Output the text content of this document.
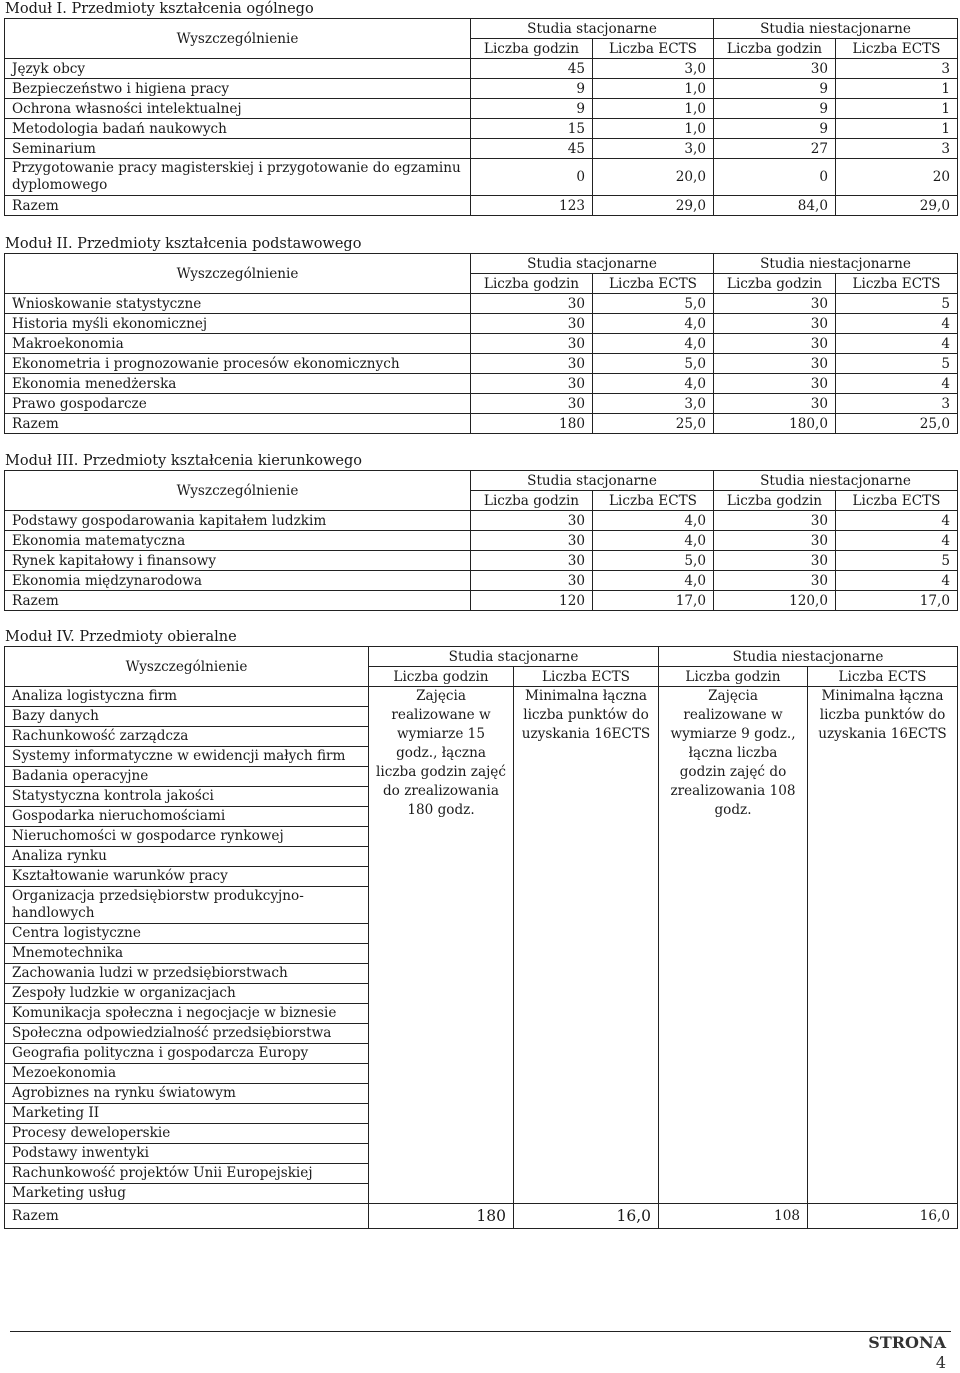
Moduł I. Przedmioty kształcenia ogólnego
Wyszczególnienie	Studia stacjonarne		Studia niestacjonarne	
	Liczba godzin	Liczba ECTS	Liczba godzin	Liczba ECTS
Język obcy	45	3,0	30	3
Bezpieczeństwo i higiena pracy	9	1,0	9	1
Ochrona własności intelektualnej	9	1,0	9	1
Metodologia badań naukowych	15	1,0	9	1
Seminarium	45	3,0	27	3
Przygotowanie pracy magisterskiej i przygotowanie do egzaminu dyplomowego	0	20,0	0	20
Razem	123	29,0	84,0	29,0
Moduł II. Przedmioty kształcenia podstawowego
Wyszczególnienie	Studia stacjonarne		Studia niestacjonarne	
	Liczba godzin	Liczba ECTS	Liczba godzin	Liczba ECTS
Wnioskowanie statystyczne	30	5,0	30	5
Historia myśli ekonomicznej	30	4,0	30	4
Makroekonomia	30	4,0	30	4
Ekonometria i prognozowanie procesów ekonomicznych	30	5,0	30	5
Ekonomia menedżerska	30	4,0	30	4
Prawo gospodarcze	30	3,0	30	3
Razem	180	25,0	180,0	25,0
Moduł III. Przedmioty kształcenia kierunkowego
Wyszczególnienie	Studia stacjonarne		Studia niestacjonarne	
	Liczba godzin	Liczba ECTS	Liczba godzin	Liczba ECTS
Podstawy gospodarowania kapitałem ludzkim	30	4,0	30	4
Ekonomia matematyczna	30	4,0	30	4
Rynek kapitałowy i finansowy	30	5,0	30	5
Ekonomia międzynarodowa	30	4,0	30	4
Razem	120	17,0	120,0	17,0
Moduł IV. Przedmioty obieralne
Wyszczególnienie	Studia stacjonarne		Studia niestacjonarne	
	Liczba godzin	Liczba ECTS	Liczba godzin	Liczba ECTS
Analiza logistyczna firm	Zajęcia realizowane w wymiarze 15 godz., łączna liczba godzin zajęć do zrealizowania 180 godz.	Minimalna łączna liczba punktów do uzyskania 16ECTS	Zajęcia realizowane w wymiarze 9 godz., łączna liczba godzin zajęć do zrealizowania 108 godz.	Minimalna łączna liczba punktów do uzyskania 16ECTS
Bazy danych				
Rachunkowość zarządcza				
Systemy informatyczne w ewidencji małych firm				
Badania operacyjne				
Statystyczna kontrola jakości				
Gospodarka nieruchomościami				
Nieruchomości w gospodarce rynkowej				
Analiza rynku				
Kształtowanie warunków pracy				
Organizacja przedsiębiorstw produkcyjno-handlowych				
Centra logistyczne				
Mnemotechnika				
Zachowania ludzi w przedsiębiorstwach				
Zespoły ludzkie w organizacjach				
Komunikacja społeczna i negocjacje w biznesie				
Społeczna odpowiedzialność przedsiębiorstwa				
Geografia polityczna i gospodarcza Europy				
Mezoekonomia				
Agrobiznes na rynku światowym				
Marketing II				
Procesy deweloperskie				
Podstawy inwentyki				
Rachunkowość projektów Unii Europejskiej				
Marketing usług				
Razem	180	16,0	108	16,0
STRONA
4
